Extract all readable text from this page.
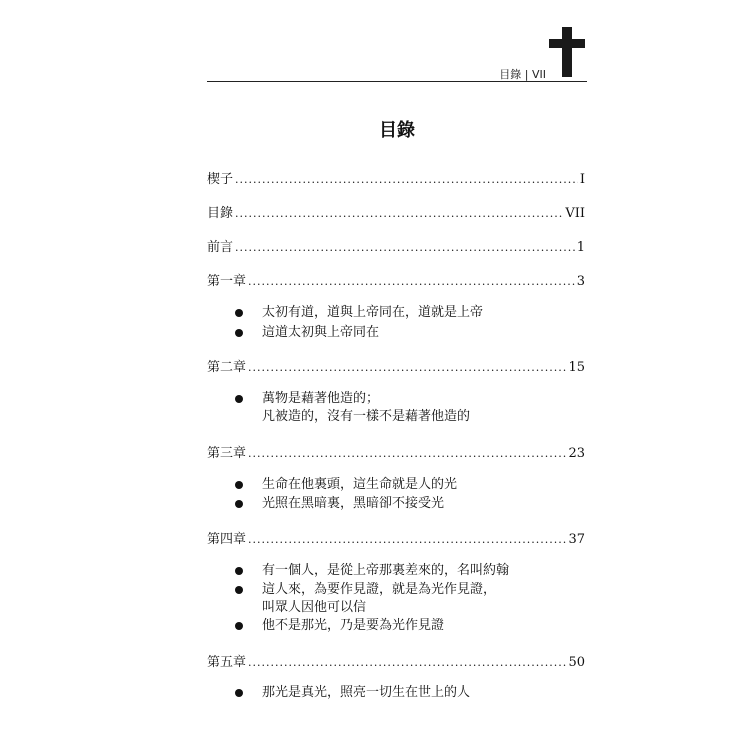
目錄 | VII
目錄
楔子 .....	I
目錄 .....	VII
前言 .....	1
第一章 .....	3
太初有道，道與上帝同在，道就是上帝
這道太初與上帝同在
第二章 .....	15
萬物是藉著他造的；
凡被造的，沒有一樣不是藉著他造的
第三章 .....	23
生命在他裏頭，這生命就是人的光
光照在黑暗裏，黑暗卻不接受光
第四章 .....	37
有一個人，是從上帝那裏差來的，名叫約翰
這人來，為要作見證，就是為光作見證，
叫眾人因他可以信
他不是那光，乃是要為光作見證
第五章 .....	50
那光是真光，照亮一切生在世上的人
